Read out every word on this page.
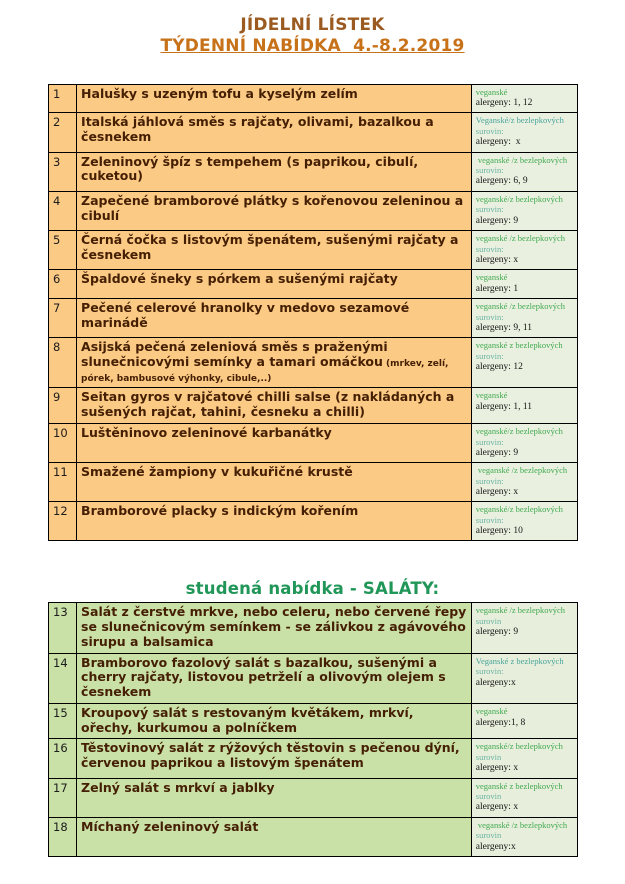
JÍDELNÍ LÍSTEK
TÝDENNÍ NABÍDKA  4.-8.2.2019
1	Halušky s uzeným tofu a kyselým zelím	veganské
alergeny: 1, 12

2	Italská jáhlová směs s rajčaty, olivami, bazalkou a česnekem	Veganské/z bezlepkových
surovin:
alergeny:  x

3	Zeleninový špíz s tempehem (s paprikou, cibulí, cuketou)	veganské /z bezlepkových
surovin:
alergeny: 6, 9

4	Zapečené bramborové plátky s kořenovou zeleninou a cibulí	veganské/z bezlepkových
surovin:
alergeny: 9

5	Černá čočka s listovým špenátem, sušenými rajčaty a česnekem	veganské /z bezlepkových
surovin:
alergeny: x

6	Špaldové šneky s pórkem a sušenými rajčaty	veganské
alergeny: 1

7	Pečené celerové hranolky v medovo sezamové marinádě	veganské /z bezlepkových
surovin:
alergeny: 9, 11

8	Asijská pečená zeleniová směs s praženými slunečnicovými semínky a tamari omáčkou (mrkev, zelí, pórek, bambusové výhonky, cibule,..)	veganské z bezlepkových
surovin:
alergeny: 12

9	Seitan gyros v rajčatové chilli salse (z nakládaných a sušených rajčat, tahini, česneku a chilli)	veganské
alergeny: 1, 11

10	Luštěninovo zeleninové karbanátky	veganské/z bezlepkových
surovin:
alergeny: 9

11	Smažené žampiony v kukuřičné krustě	veganské /z bezlepkových
surovin:
alergeny: x

12	Bramborové placky s indickým kořením	veganské/z bezlepkových
surovin:
alergeny: 10
studená nabídka - SALÁTY:
13	Salát z čerstvé mrkve, nebo celeru, nebo červené řepy se slunečnicovým semínkem - se zálivkou z agávového sirupu a balsamica	veganské /z bezlepkových
surovin
alergeny: 9

14	Bramborovo fazolový salát s bazalkou, sušenými a cherry rajčaty, listovou petrželí a olivovým olejem s česnekem	Veganské z bezlepkových
surovin:
alergeny:x

15	Kroupový salát s restovaným květákem, mrkví, ořechy, kurkumou a polníčkem	veganské
alergeny:1, 8

16	Těstovinový salát z rýžových těstovin s pečenou dýní, červenou paprikou a listovým špenátem	veganské/z bezlepkových
surovin
alergeny: x

17	Zelný salát s mrkví a jablky	veganské z bezlepkových
surovin
alergeny: x

18	Míchaný zeleninový salát	veganské /z bezlepkových
surovin
alergeny:x
